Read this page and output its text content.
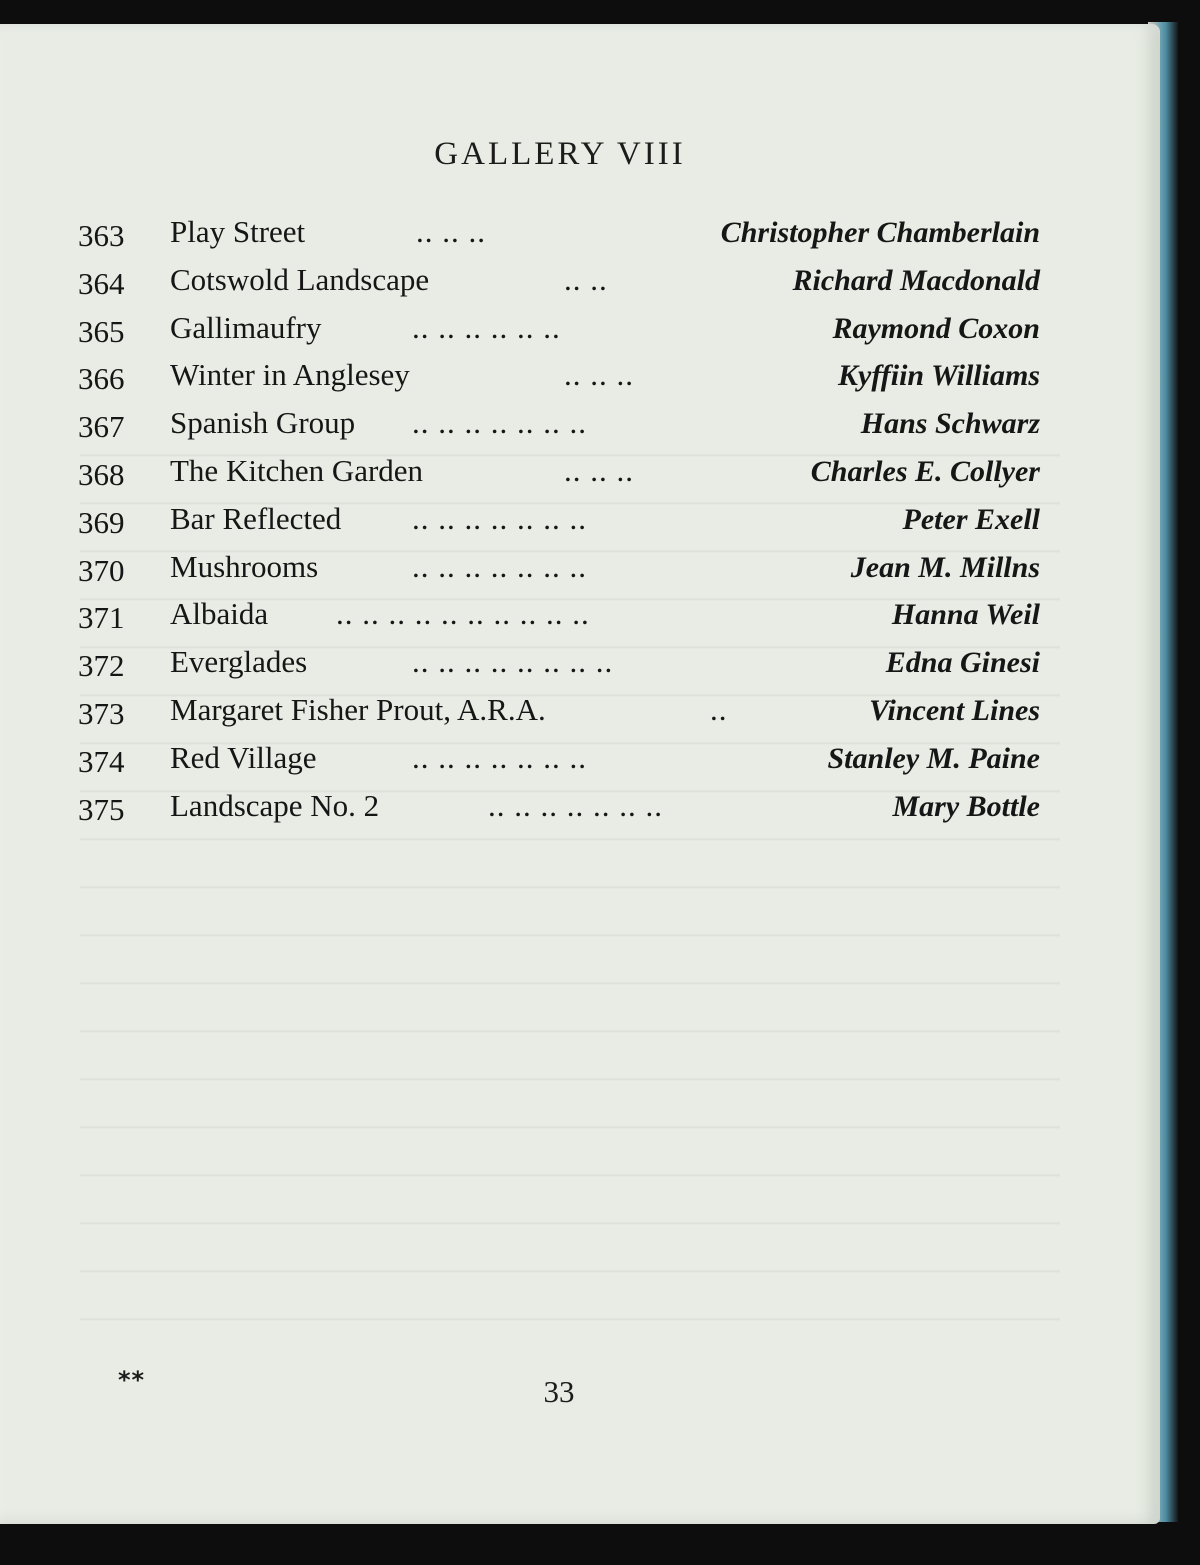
GALLERY VIII
363 Play Street	.. .. ..	Christopher Chamberlain
364 Cotswold Landscape	.. ..	Richard Macdonald
365 Gallimaufry	.. .. .. .. .. ..	Raymond Coxon
366 Winter in Anglesey	.. .. ..	Kyffiin Williams
367 Spanish Group .. .. .. .. .. .. ..	Hans Schwarz
368 The Kitchen Garden	.. .. ..	Charles E. Collyer
369 Bar Reflected .. .. .. .. .. .. ..	Peter Exell
370 Mushrooms	.. .. .. .. .. .. ..	Jean M. Millns
371 Albaida .. .. .. .. .. .. .. .. .. ..	Hanna Weil
372 Everglades	.. .. .. .. .. .. .. ..	Edna Ginesi
373 Margaret Fisher Prout, A.R.A.	..	Vincent Lines
374 Red Village	.. .. .. .. .. .. ..	Stanley M. Paine
375 Landscape No. 2	.. .. .. .. .. .. ..	Mary Bottle
**	33
